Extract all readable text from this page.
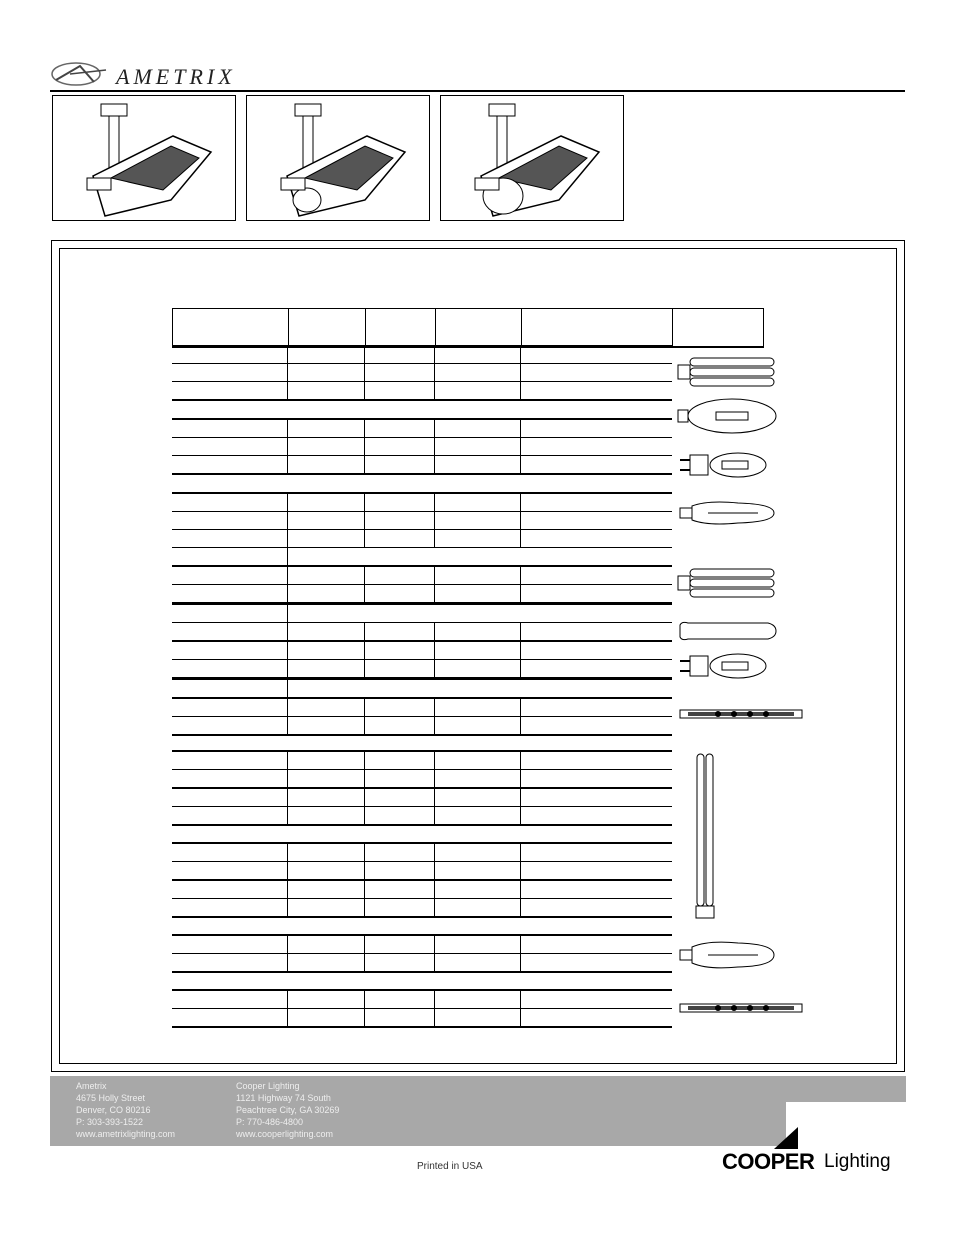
AMETRIX
Ametrix
4675 Holly Street
Denver, CO 80216
P: 303-393-1522
www.ametrixlighting.com
Cooper Lighting
1121 Highway 74 South
Peachtree City, GA 30269
P: 770-486-4800
www.cooperlighting.com
Printed in USA	COOPER Lighting
